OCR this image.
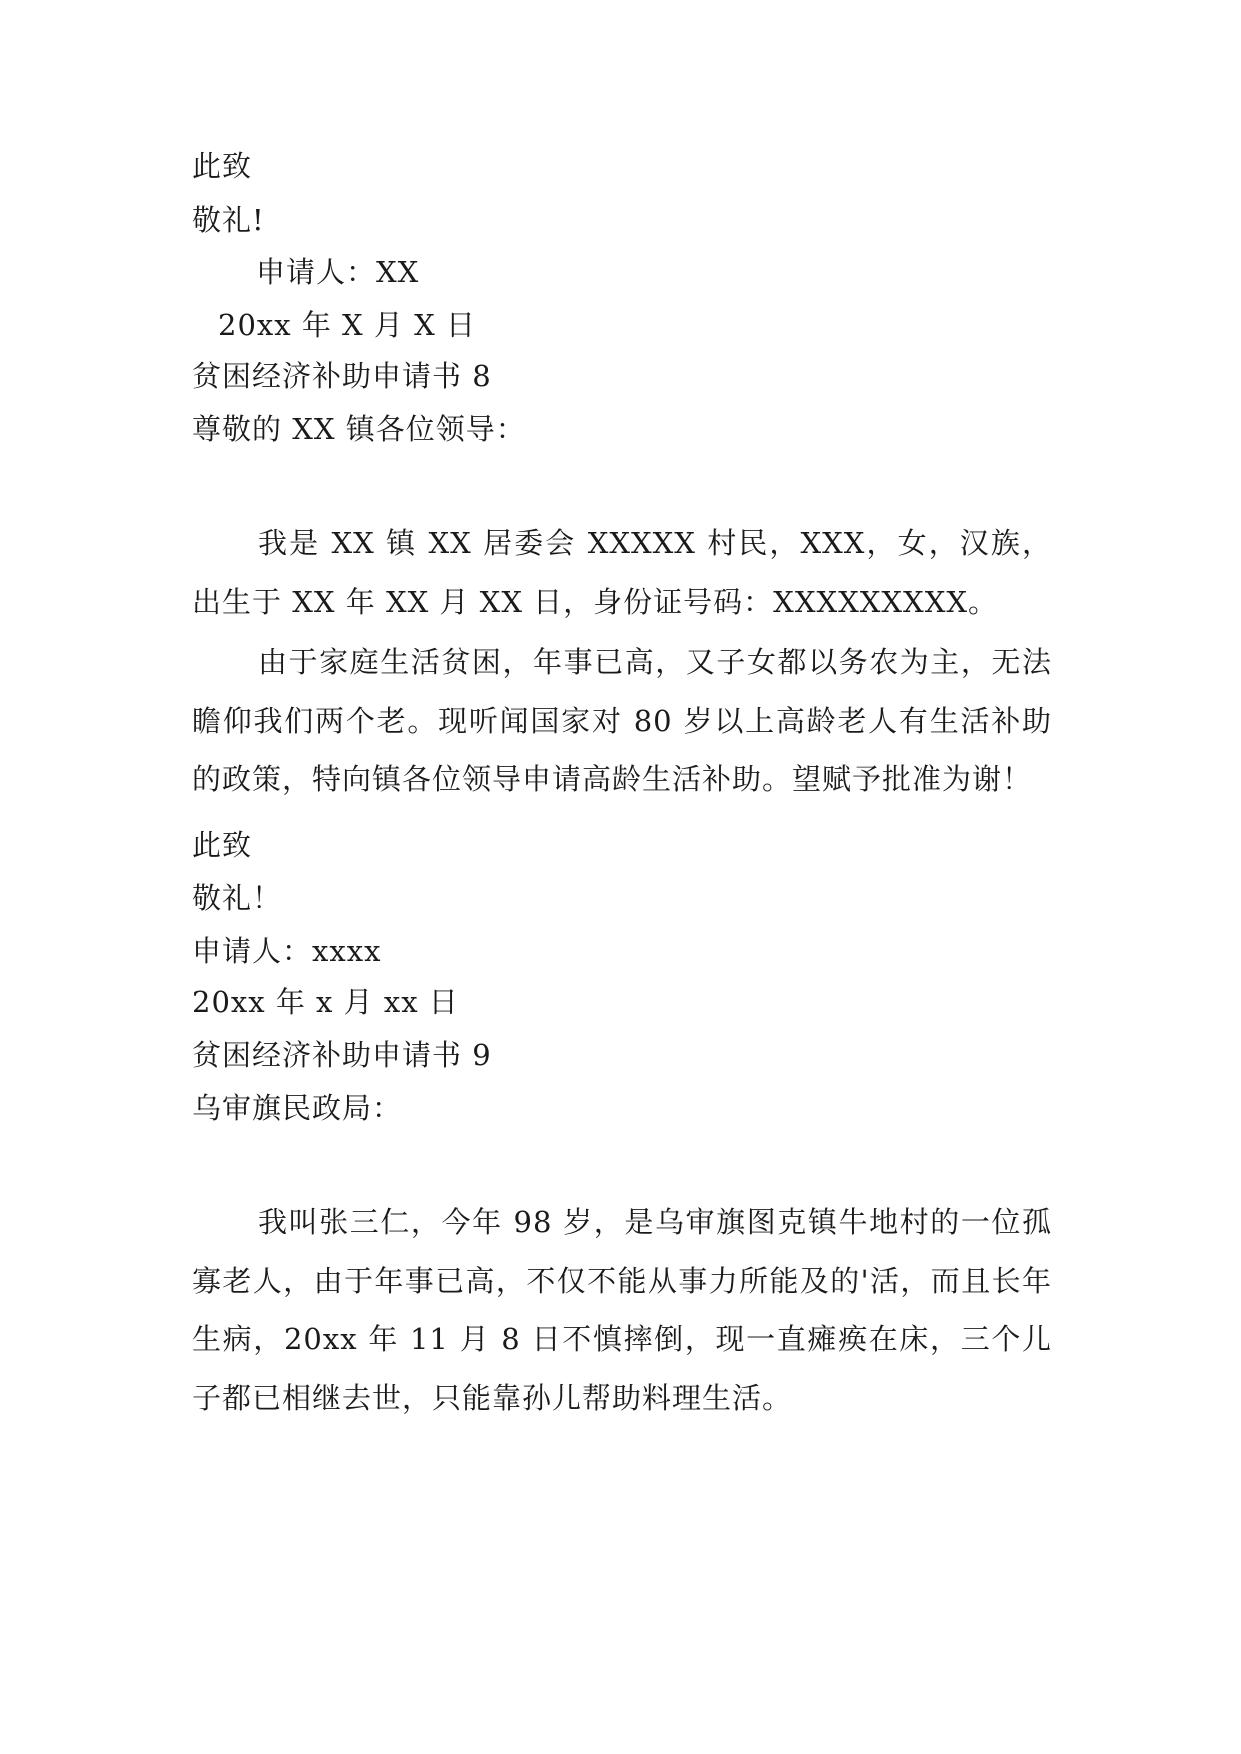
此致
敬礼!
申请人：XX
20xx 年 X 月 X 日
贫困经济补助申请书 8
尊敬的 XX 镇各位领导：
我是 XX 镇 XX 居委会 XXXXX 村民，XXX，女，汉族，出生于 XX 年 XX 月 XX 日，身份证号码：XXXXXXXXX。
由于家庭生活贫困，年事已高，又子女都以务农为主，无法瞻仰我们两个老。现听闻国家对 80 岁以上高龄老人有生活补助的政策，特向镇各位领导申请高龄生活补助。望赋予批准为谢！
此致
敬礼！
申请人：xxxx
20xx 年 x 月 xx 日
贫困经济补助申请书 9
乌审旗民政局：
我叫张三仁，今年 98 岁，是乌审旗图克镇牛地村的一位孤寡老人，由于年事已高，不仅不能从事力所能及的'活，而且长年生病，20xx 年 11 月 8 日不慎摔倒，现一直瘫痪在床，三个儿子都已相继去世，只能靠孙儿帮助料理生活。
